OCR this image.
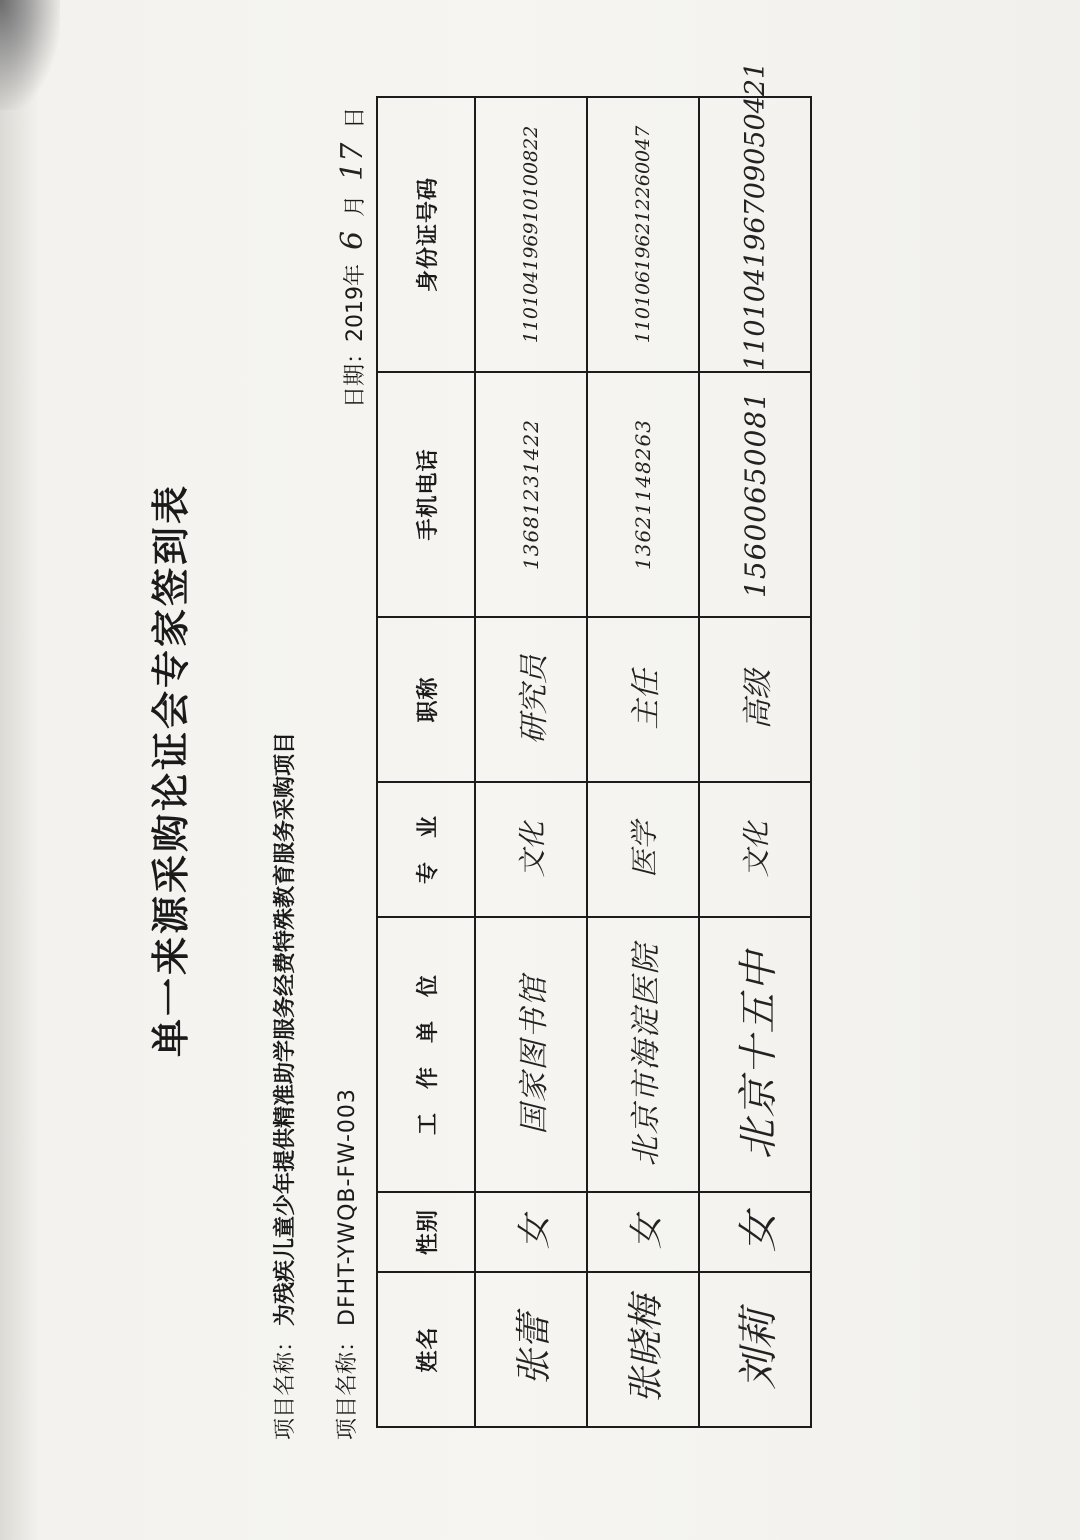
单一来源采购论证会专家签到表
项目名称：为残疾儿童少年提供精准助学服务经费特殊教育服务采购项目
项目名称：DFHT-YWQB-FW-003
日期：2019年6月17日
姓名	性别	工　作　单　位	专　业	职称	手机电话	身份证号码
张蕾	女	国家图书馆	文化	研究员	13681231422	110104196910100822
张晓梅	女	北京市海淀医院	医学	主任	13621148263	110106196212260047
刘莉	女	北京十五中	文化	高级	15600650081	110104196709050421
